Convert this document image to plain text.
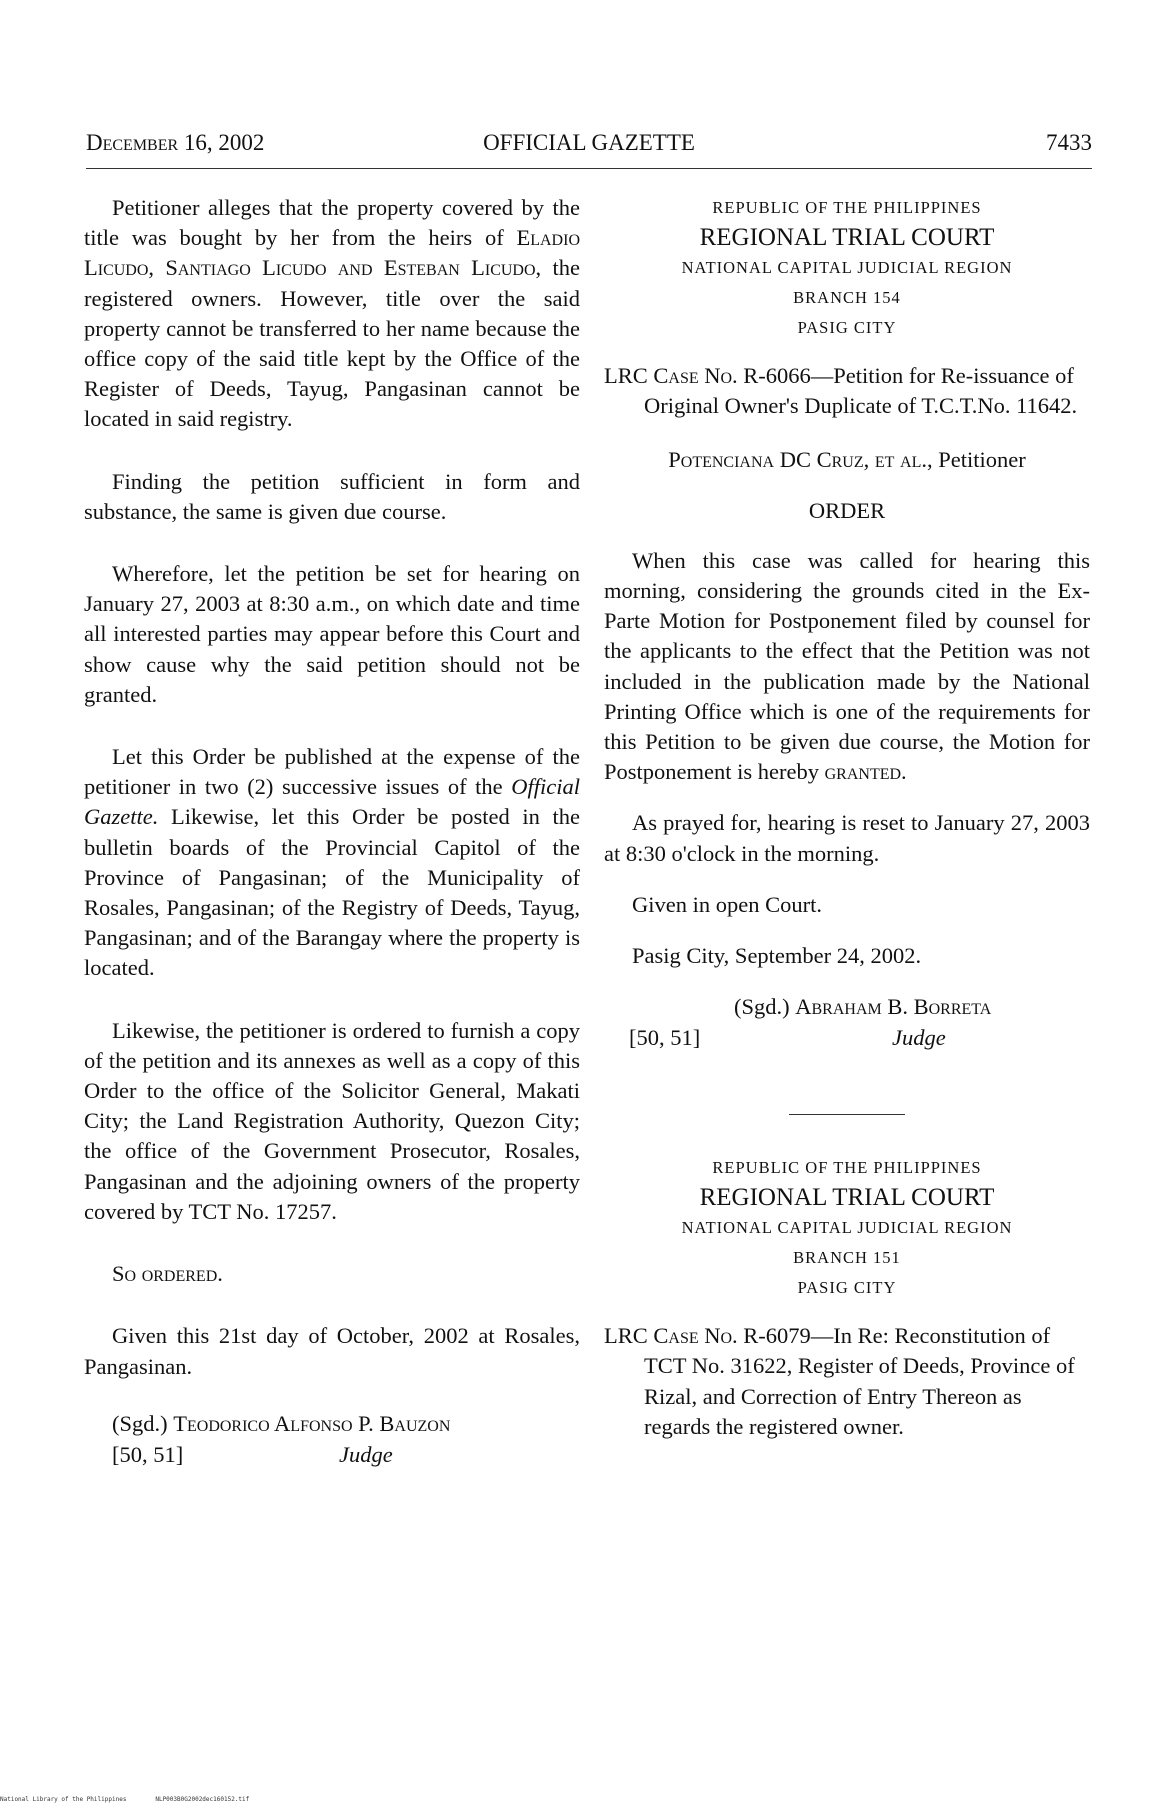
December 16, 2002	OFFICIAL GAZETTE	7433

Petitioner alleges that the property covered by the title was bought by her from the heirs of Eladio Licudo, Santiago Licudo and Esteban Licudo, the registered owners. However, title over the said property cannot be transferred to her name because the office copy of the said title kept by the Office of the Register of Deeds, Tayug, Pangasinan cannot be located in said registry.

Finding the petition sufficient in form and substance, the same is given due course.

Wherefore, let the petition be set for hearing on January 27, 2003 at 8:30 a.m., on which date and time all interested parties may appear before this Court and show cause why the said petition should not be granted.

Let this Order be published at the expense of the petitioner in two (2) successive issues of the Official Gazette. Likewise, let this Order be posted in the bulletin boards of the Provincial Capitol of the Province of Pangasinan; of the Municipality of Rosales, Pangasinan; of the Registry of Deeds, Tayug, Pangasinan; and of the Barangay where the property is located.

Likewise, the petitioner is ordered to furnish a copy of the petition and its annexes as well as a copy of this Order to the office of the Solicitor General, Makati City; the Land Registration Authority, Quezon City; the office of the Government Prosecutor, Rosales, Pangasinan and the adjoining owners of the property covered by TCT No. 17257.

So ordered.

Given this 21st day of October, 2002 at Rosales, Pangasinan.

(Sgd.) Teodorico Alfonso P. Bauzon
[50, 51]	Judge
REPUBLIC OF THE PHILIPPINES
REGIONAL TRIAL COURT
NATIONAL CAPITAL JUDICIAL REGION
BRANCH 154
PASIG CITY

LRC Case No. R-6066—Petition for Re-issuance of Original Owner's Duplicate of T.C.T.No. 11642.

Potenciana DC Cruz, et al., Petitioner
ORDER

When this case was called for hearing this morning, considering the grounds cited in the Ex-Parte Motion for Postponement filed by counsel for the applicants to the effect that the Petition was not included in the publication made by the National Printing Office which is one of the requirements for this Petition to be given due course, the Motion for Postponement is hereby granted.

As prayed for, hearing is reset to January 27, 2003 at 8:30 o'clock in the morning.

Given in open Court.

Pasig City, September 24, 2002.

(Sgd.) Abraham B. Borreta
[50, 51]	Judge
REPUBLIC OF THE PHILIPPINES
REGIONAL TRIAL COURT
NATIONAL CAPITAL JUDICIAL REGION
BRANCH 151
PASIG CITY

LRC Case No. R-6079—In Re: Reconstitution of TCT No. 31622, Register of Deeds, Province of Rizal, and Correction of Entry Thereon as regards the registered owner.

National Library of the Philippines	NLP003B0G2002dec160152.tif
